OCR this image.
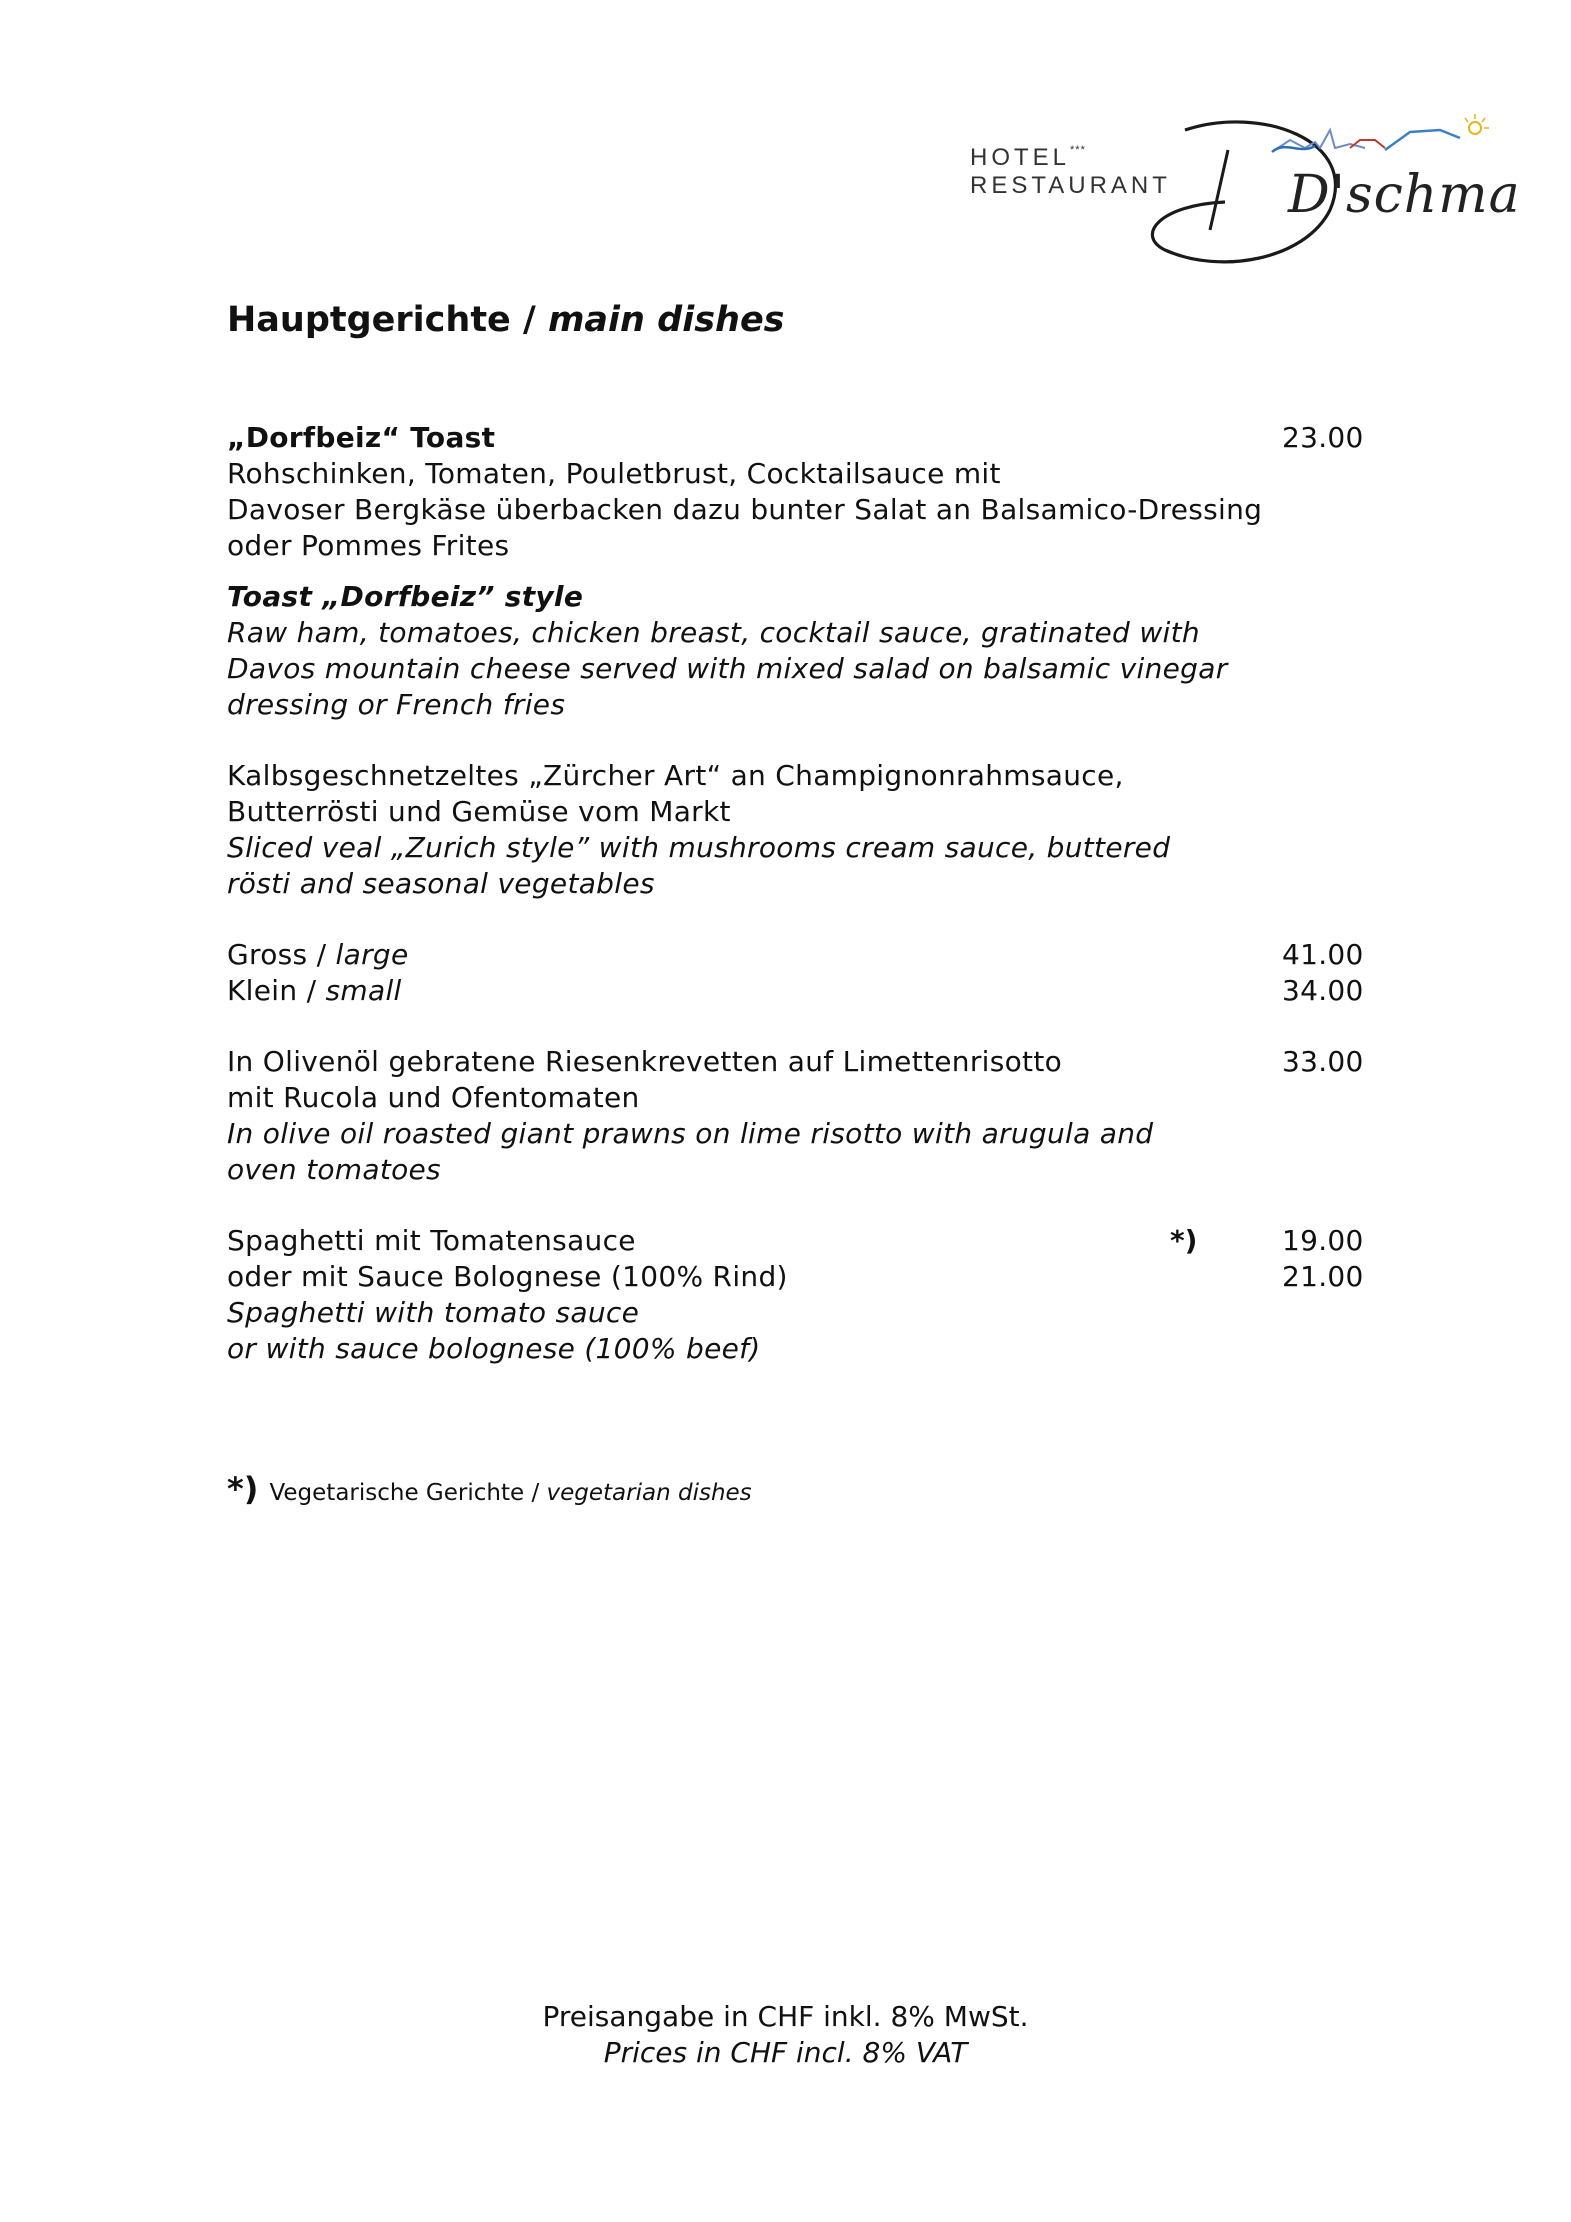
HOTEL***
RESTAURANT D'schma
Hauptgerichte / main dishes
„Dorfbeiz“ Toast	23.00
Rohschinken, Tomaten, Pouletbrust, Cocktailsauce mit
Davoser Bergkäse überbacken dazu bunter Salat an Balsamico-Dressing
oder Pommes Frites
Toast „Dorfbeiz” style
Raw ham, tomatoes, chicken breast, cocktail sauce, gratinated with
Davos mountain cheese served with mixed salad on balsamic vinegar
dressing or French fries
Kalbsgeschnetzeltes „Zürcher Art“ an Champignonrahmsauce,
Butterrösti und Gemüse vom Markt
Sliced veal „Zurich style” with mushrooms cream sauce, buttered
rösti and seasonal vegetables
Gross / large	41.00
Klein / small	34.00
In Olivenöl gebratene Riesenkrevetten auf Limettenrisotto	33.00
mit Rucola und Ofentomaten
In olive oil roasted giant prawns on lime risotto with arugula and
oven tomatoes
Spaghetti mit Tomatensauce	*)	19.00
oder mit Sauce Bolognese (100% Rind)	21.00
Spaghetti with tomato sauce
or with sauce bolognese (100% beef)
*) Vegetarische Gerichte / vegetarian dishes
Preisangabe in CHF inkl. 8% MwSt.
Prices in CHF incl. 8% VAT
